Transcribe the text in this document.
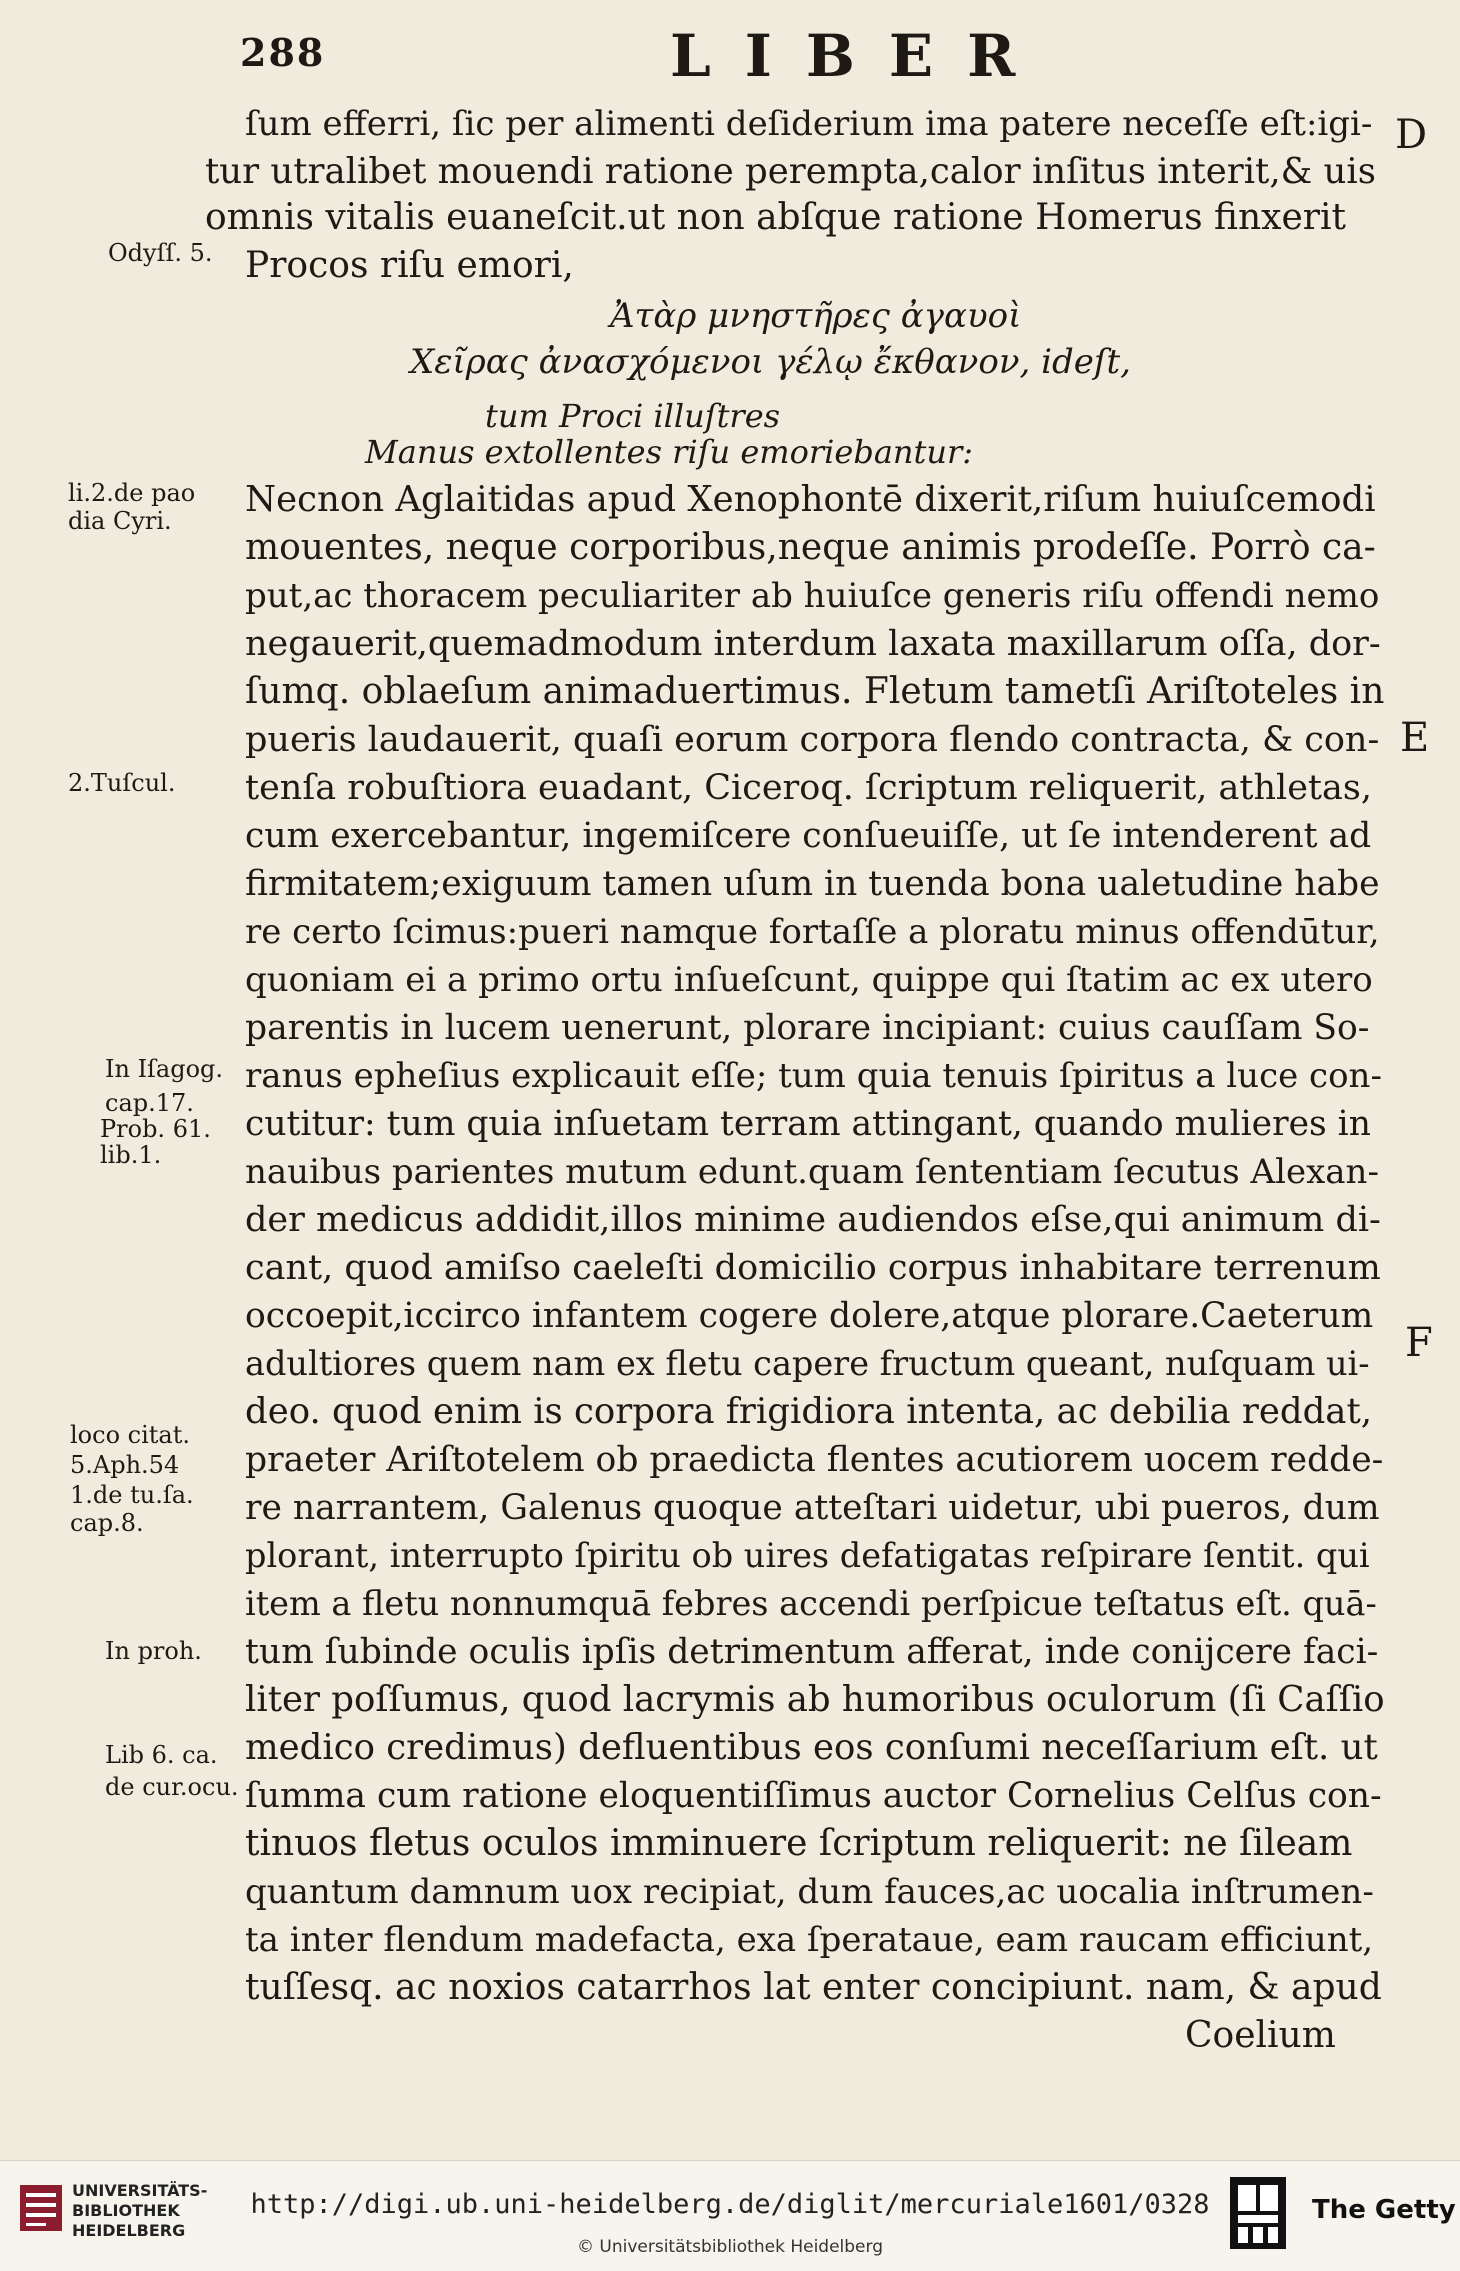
288	LIBER
ſum efferri, ſic per alimenti deſiderium ima patere neceſſe eſt:igi-
tur utralibet mouendi ratione perempta,calor inſitus interit,& uis
omnis vitalis euaneſcit.ut non abſque ratione Homerus finxerit
Procos riſu emori,
Ἀτὰρ μνηστῆρες ἀγαυοὶ
Χεῖρας ἀνασχόμενοι γέλῳ ἔκθανον, ideſt,
tum Proci illuſtres
Manus extollentes riſu emoriebantur:
Necnon Aglaitidas apud Xenophontē dixerit,riſum huiuſcemodi
mouentes, neque corporibus,neque animis prodeſſe. Porrò ca-
put,ac thoracem peculiariter ab huiuſce generis riſu offendi nemo
negauerit,quemadmodum interdum laxata maxillarum oſſa, dor-
ſumq. oblaeſum animaduertimus. Fletum tametſi Ariſtoteles in
pueris laudauerit, quaſi eorum corpora flendo contracta, & con-
tenſa robuſtiora euadant, Ciceroq. ſcriptum reliquerit, athletas,
cum exercebantur, ingemiſcere conſueuiſſe, ut ſe intenderent ad
firmitatem;exiguum tamen uſum in tuenda bona ualetudine habe
re certo ſcimus:pueri namque fortaſſe a ploratu minus offendūtur,
quoniam ei a primo ortu inſueſcunt, quippe qui ſtatim ac ex utero
parentis in lucem uenerunt, plorare incipiant: cuius cauſſam So-
ranus epheſius explicauit eſſe; tum quia tenuis ſpiritus a luce con-
cutitur: tum quia inſuetam terram attingant, quando mulieres in
nauibus parientes mutum edunt.quam ſententiam ſecutus Alexan-
der medicus addidit,illos minime audiendos eſse,qui animum di-
cant, quod amiſso caeleſti domicilio corpus inhabitare terrenum
occoepit,iccirco infantem cogere dolere,atque plorare.Caeterum
adultiores quem nam ex fletu capere fructum queant, nuſquam ui-
deo. quod enim is corpora frigidiora intenta, ac debilia reddat,
praeter Ariſtotelem ob praedicta flentes acutiorem uocem redde-
re narrantem, Galenus quoque atteſtari uidetur, ubi pueros, dum
plorant, interrupto ſpiritu ob uires defatigatas reſpirare ſentit. qui
item a fletu nonnumquā febres accendi perſpicue teſtatus eſt. quā-
tum ſubinde oculis ipſis detrimentum afferat, inde conijcere faci-
liter poſſumus, quod lacrymis ab humoribus oculorum (ſi Caſſio
medico credimus) defluentibus eos conſumi neceſſarium eſt. ut
ſumma cum ratione eloquentiſſimus auctor Cornelius Celſus con-
tinuos fletus oculos imminuere ſcriptum reliquerit: ne ſileam
quantum damnum uox recipiat, dum fauces,ac uocalia inſtrumen-
ta inter flendum madefacta, exa ſperataue, eam raucam efficiunt,
tuſſesq. ac noxios catarrhos lat enter concipiunt. nam, & apud
Coelium
Odyſſ. 5.
li.2.de pao
dia Cyri.
2.Tuſcul.
In Iſagog.
cap.17.
Prob. 61.
lib.1.
loco citat.
5.Aph.54
1.de tu.ſa.
cap.8.
In proh.
Lib 6. ca.
de cur.ocu.
D
E
F
UNIVERSITÄTS-
BIBLIOTHEK
HEIDELBERG
http://digi.ub.uni-heidelberg.de/diglit/mercuriale1601/0328
© Universitätsbibliothek Heidelberg
The Getty
